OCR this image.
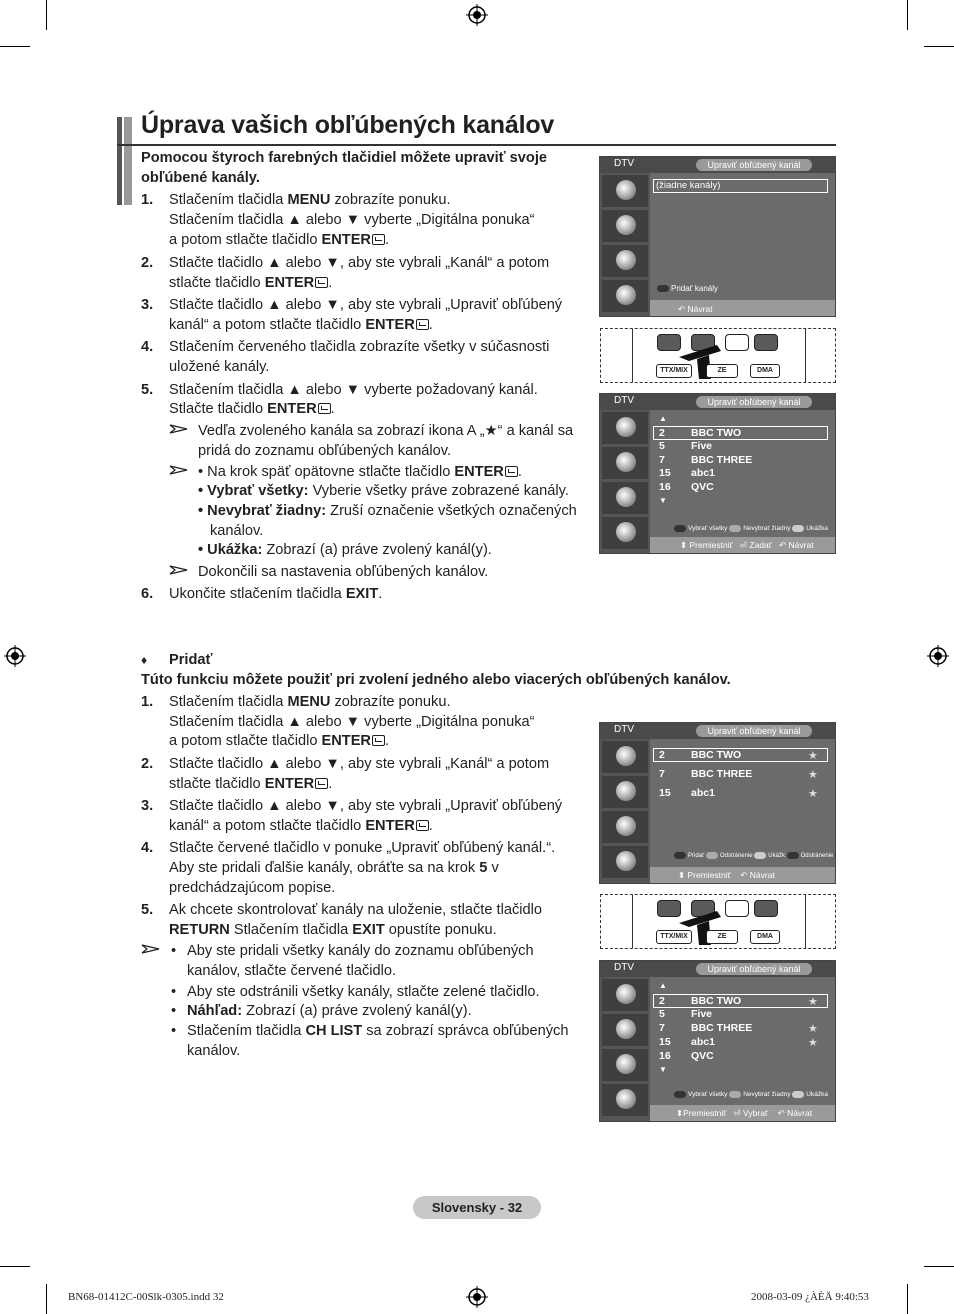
Úprava vašich obľúbených kanálov
Pomocou štyroch farebných tlačidiel môžete upraviť svoje
obľúbené kanály.
1. Stlačením tlačidla MENU zobrazíte ponuku.
Stlačením tlačidla ▲ alebo ▼ vyberte „Digitálna ponuka“
a potom stlačte tlačidlo ENTER .
2. Stlačte tlačidlo ▲ alebo ▼, aby ste vybrali „Kanál“ a potom
stlačte tlačidlo ENTER .
3. Stlačte tlačidlo ▲ alebo ▼, aby ste vybrali „Upraviť obľúbený
kanál“ a potom stlačte tlačidlo ENTER .
4. Stlačením červeného tlačidla zobrazíte všetky v súčasnosti
uložené kanály.
5. Stlačením tlačidla ▲ alebo ▼ vyberte požadovaný kanál.
Stlačte tlačidlo ENTER .
Vedľa zvoleného kanála sa zobrazí ikona A „★“ a kanál sa
pridá do zoznamu obľúbených kanálov.
• Na krok späť opätovne stlačte tlačidlo ENTER .
• Vybrať všetky: Vyberie všetky práve zobrazené kanály.
• Nevybrať žiadny: Zruší označenie všetkých označených
kanálov.
• Ukážka: Zobrazí (a) práve zvolený kanál(y).
Dokončili sa nastavenia obľúbených kanálov.
6. Ukončite stlačením tlačidla EXIT.
♦ Pridať
Túto funkciu môžete použiť pri zvolení jedného alebo viacerých obľúbených kanálov.
1. Stlačením tlačidla MENU zobrazíte ponuku.
Stlačením tlačidla ▲ alebo ▼ vyberte „Digitálna ponuka“
a potom stlačte tlačidlo ENTER .
2. Stlačte tlačidlo ▲ alebo ▼, aby ste vybrali „Kanál“ a potom
stlačte tlačidlo ENTER .
3. Stlačte tlačidlo ▲ alebo ▼, aby ste vybrali „Upraviť obľúbený
kanál“ a potom stlačte tlačidlo ENTER .
4. Stlačte červené tlačidlo v ponuke „Upraviť obľúbený kanál.“.
Aby ste pridali ďalšie kanály, obráťte sa na krok 5 v
predchádzajúcom popise.
5. Ak chcete skontrolovať kanály na uloženie, stlačte tlačidlo
RETURN Stlačením tlačidla EXIT opustíte ponuku.
• Aby ste pridali všetky kanály do zoznamu obľúbených
kanálov, stlačte červené tlačidlo.
• Aby ste odstránili všetky kanály, stlačte zelené tlačidlo.
• Náhľad: Zobrazí (a) práve zvolený kanál(y).
• Stlačením tlačidla CH LIST sa zobrazí správca obľúbených
kanálov.
DTV	Upraviť obľúbený kanál
(žiadne kanály)
Pridať kanály
↶ Návrat
TTX/MIX	ZE	DMA
DTV	Upraviť obľúbený kanál
▲
2 BBC TWO
5 Five
7 BBC THREE
15 abc1
16 QVC
▼
Vybrať všetky Nevybrať žiadny Ukážka
⬍ Premiestniť   ⏎ Zadať   ↶ Návrat
DTV	Upraviť obľúbený kanál
2 BBC TWO	★
7 BBC THREE	★
15 abc1	★
Pridať	Odstránenie	Ukážk	Odstránenie
⬍ Premiestniť    ↶ Návrat
TTX/MIX	ZE	DMA
DTV	Upraviť obľúbený kanál
▲
2 BBC TWO	★
5 Five
7 BBC THREE	★
15 abc1	★
16 QVC
▼
Vybrať všetky Nevybrať žiadny Ukážka
⬍Premiestniť   ⏎ Vybrať    ↶ Návrat
Slovensky - 32
BN68-01412C-00Slk-0305.indd 32	2008-03-09 ¿ÀÈÄ 9:40:53
